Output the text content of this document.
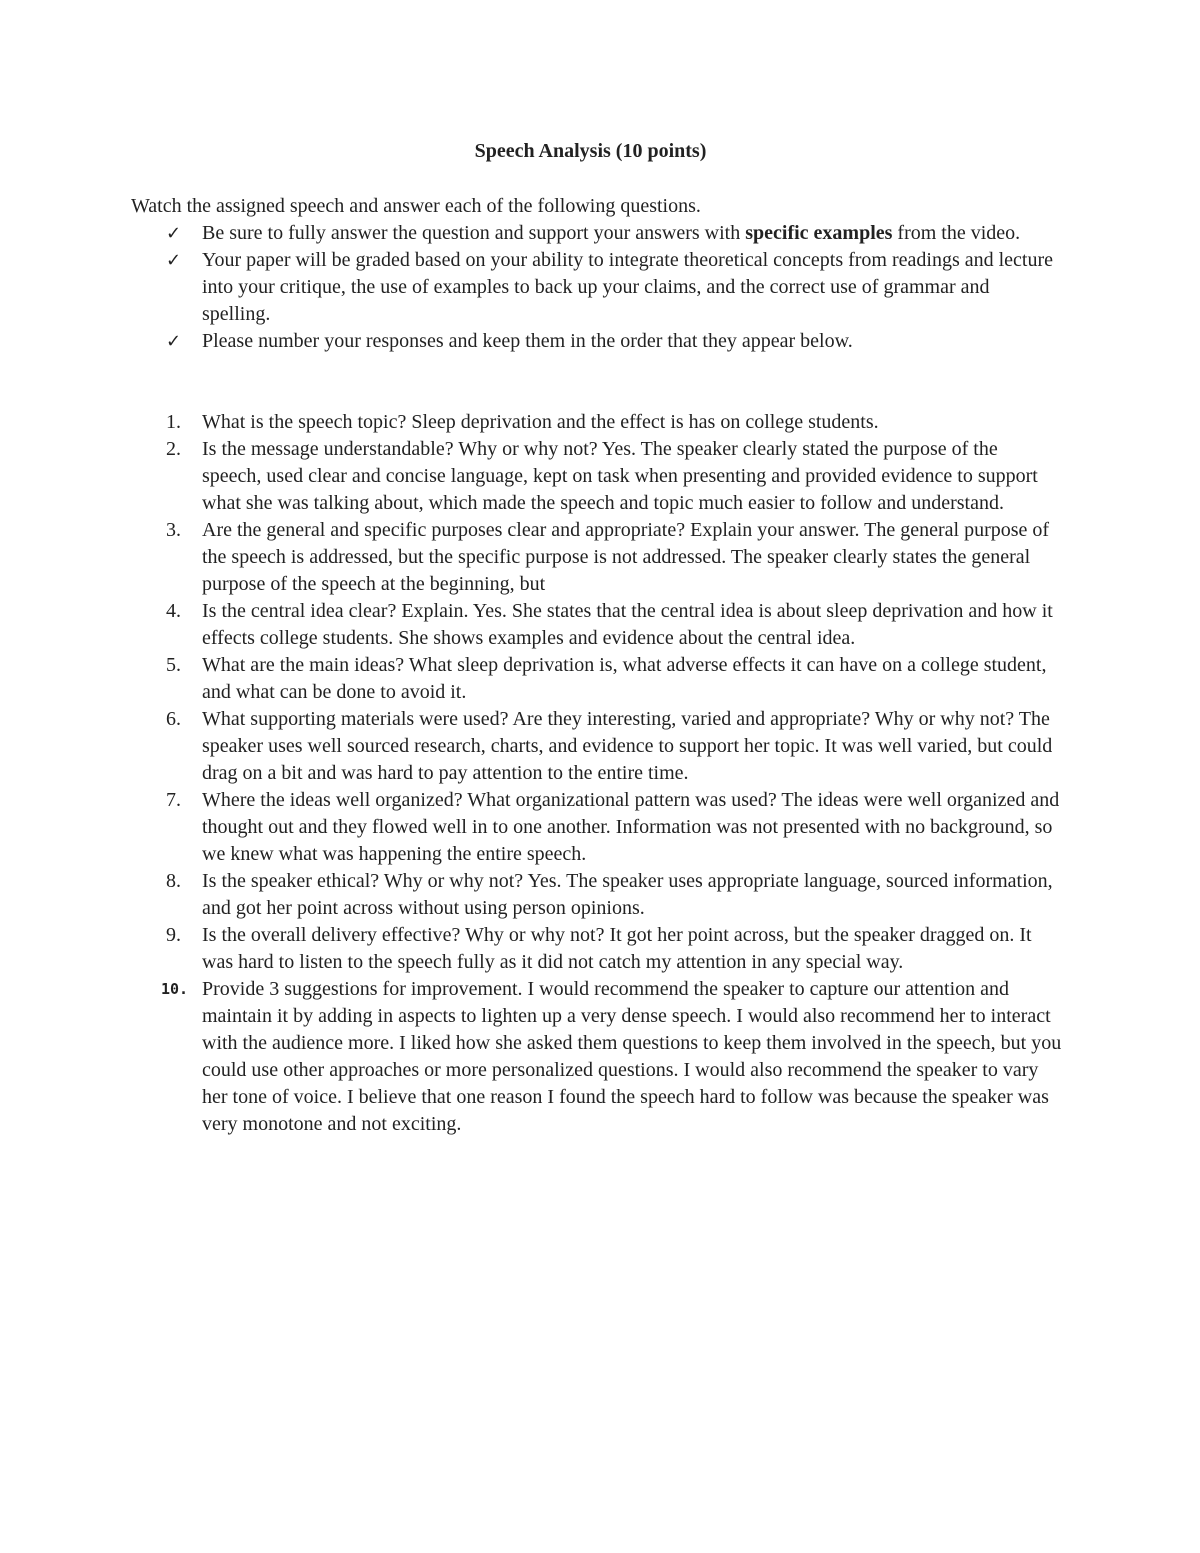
Speech Analysis (10 points)

Watch the assigned speech and answer each of the following questions.

✓ Be sure to fully answer the question and support your answers with specific examples from the video.
✓ Your paper will be graded based on your ability to integrate theoretical concepts from readings and lecture into your critique, the use of examples to back up your claims, and the correct use of grammar and spelling.
✓ Please number your responses and keep them in the order that they appear below.
1. What is the speech topic? Sleep deprivation and the effect is has on college students.
2. Is the message understandable? Why or why not? Yes. The speaker clearly stated the purpose of the speech, used clear and concise language, kept on task when presenting and provided evidence to support what she was talking about, which made the speech and topic much easier to follow and understand.
3. Are the general and specific purposes clear and appropriate? Explain your answer. The general purpose of the speech is addressed, but the specific purpose is not addressed. The speaker clearly states the general purpose of the speech at the beginning, but
4. Is the central idea clear? Explain. Yes. She states that the central idea is about sleep deprivation and how it effects college students. She shows examples and evidence about the central idea.
5. What are the main ideas? What sleep deprivation is, what adverse effects it can have on a college student, and what can be done to avoid it.
6. What supporting materials were used? Are they interesting, varied and appropriate? Why or why not? The speaker uses well sourced research, charts, and evidence to support her topic. It was well varied, but could drag on a bit and was hard to pay attention to the entire time.
7. Where the ideas well organized? What organizational pattern was used? The ideas were well organized and thought out and they flowed well in to one another. Information was not presented with no background, so we knew what was happening the entire speech.
8. Is the speaker ethical? Why or why not? Yes. The speaker uses appropriate language, sourced information, and got her point across without using person opinions.
9. Is the overall delivery effective? Why or why not? It got her point across, but the speaker dragged on. It was hard to listen to the speech fully as it did not catch my attention in any special way.
10. Provide 3 suggestions for improvement. I would recommend the speaker to capture our attention and maintain it by adding in aspects to lighten up a very dense speech. I would also recommend her to interact with the audience more. I liked how she asked them questions to keep them involved in the speech, but you could use other approaches or more personalized questions. I would also recommend the speaker to vary her tone of voice. I believe that one reason I found the speech hard to follow was because the speaker was very monotone and not exciting.
